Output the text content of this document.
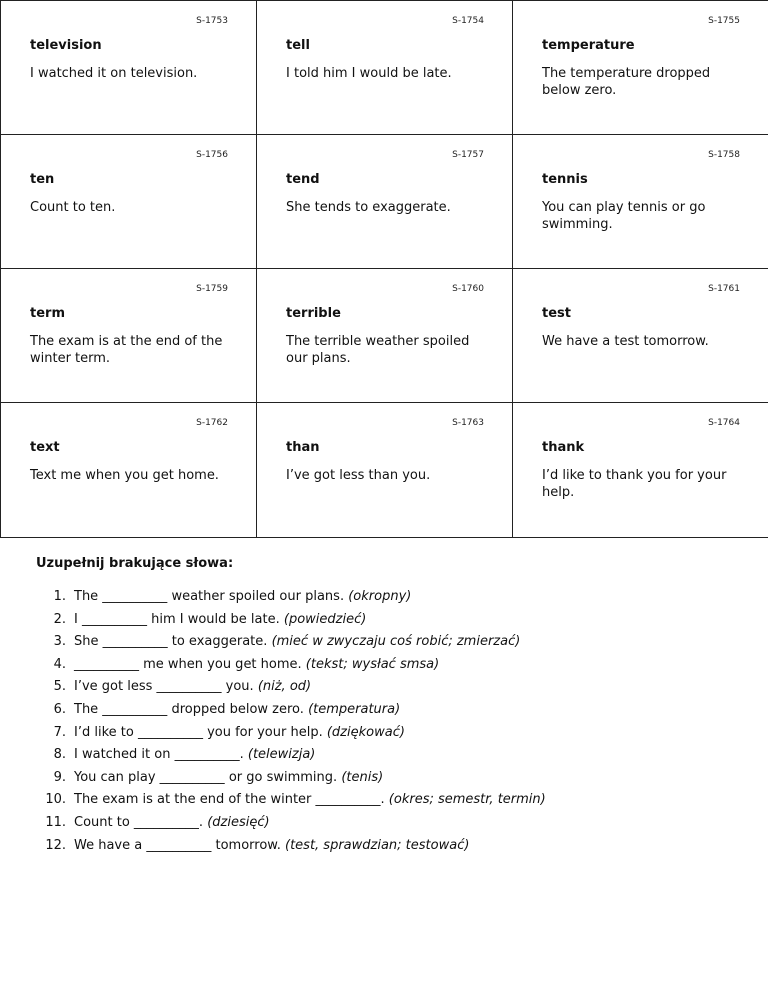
S-1753
television
I watched it on television.
S-1754
tell
I told him I would be late.
S-1755
temperature
The temperature dropped below zero.
S-1756
ten
Count to ten.
S-1757
tend
She tends to exaggerate.
S-1758
tennis
You can play tennis or go swimming.
S-1759
term
The exam is at the end of the winter term.
S-1760
terrible
The terrible weather spoiled our plans.
S-1761
test
We have a test tomorrow.
S-1762
text
Text me when you get home.
S-1763
than
I’ve got less than you.
S-1764
thank
I’d like to thank you for your help.
Uzupełnij brakujące słowa:
1. The __________ weather spoiled our plans. (okropny)
2. I __________ him I would be late. (powiedzieć)
3. She __________ to exaggerate. (mieć w zwyczaju coś robić; zmierzać)
4. __________ me when you get home. (tekst; wysłać smsa)
5. I’ve got less __________ you. (niż, od)
6. The __________ dropped below zero. (temperatura)
7. I’d like to __________ you for your help. (dziękować)
8. I watched it on __________. (telewizja)
9. You can play __________ or go swimming. (tenis)
10. The exam is at the end of the winter __________. (okres; semestr, termin)
11. Count to __________. (dziesięć)
12. We have a __________ tomorrow. (test, sprawdzian; testować)
